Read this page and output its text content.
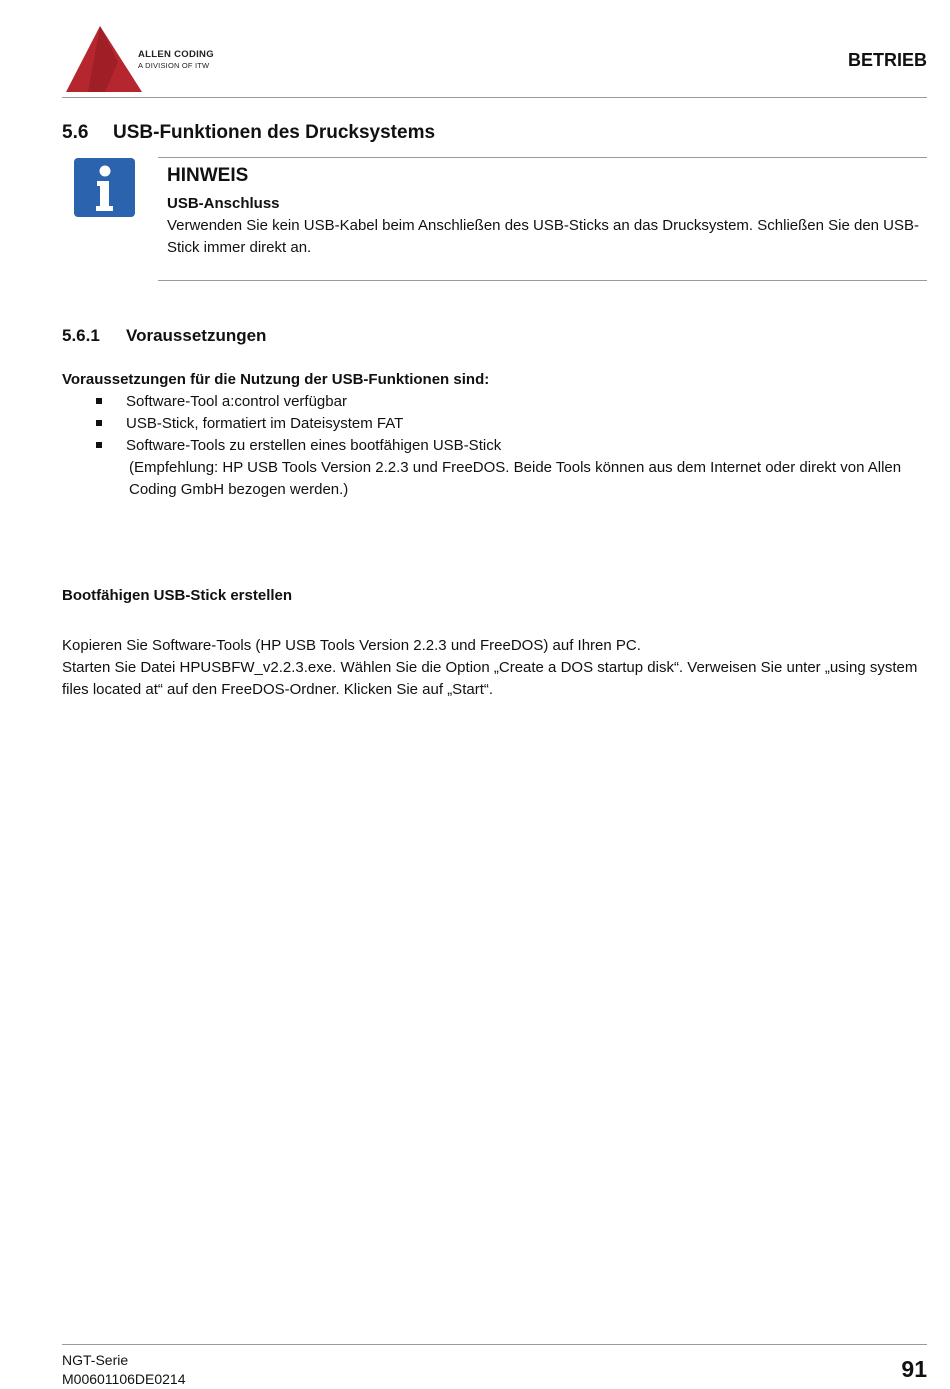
ALLEN CODING
A DIVISION OF ITW	BETRIEB
5.6 USB-Funktionen des Drucksystems
HINWEIS
USB-Anschluss
Verwenden Sie kein USB-Kabel beim Anschließen des USB-Sticks an das Drucksystem. Schließen Sie den USB-Stick immer direkt an.
5.6.1 Voraussetzungen
Voraussetzungen für die Nutzung der USB-Funktionen sind:
Software-Tool a:control verfügbar
USB-Stick, formatiert im Dateisystem FAT
Software-Tools zu erstellen eines bootfähigen USB-Stick
(Empfehlung: HP USB Tools Version 2.2.3 und FreeDOS. Beide Tools können aus dem Internet oder direkt von Allen Coding GmbH bezogen werden.)
Bootfähigen USB-Stick erstellen
Kopieren Sie Software-Tools (HP USB Tools Version 2.2.3 und FreeDOS) auf Ihren PC.
Starten Sie Datei HPUSBFW_v2.2.3.exe. Wählen Sie die Option „Create a DOS startup disk“. Verweisen Sie unter „using system files located at“ auf den FreeDOS-Ordner. Klicken Sie auf „Start“.
NGT-Serie
M00601106DE0214	91
